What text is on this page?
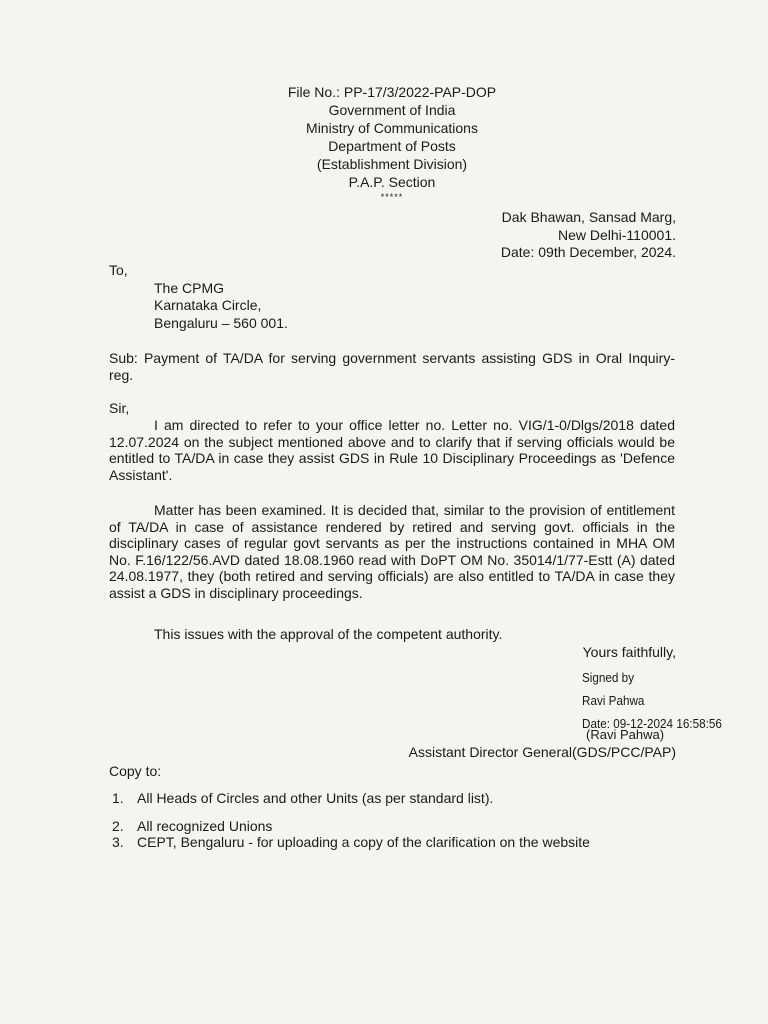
File No.: PP-17/3/2022-PAP-DOP
Government of India
Ministry of Communications
Department of Posts
(Establishment Division)
P.A.P. Section
*****
Dak Bhawan, Sansad Marg,
New Delhi-110001.
Date: 09th December, 2024.
To,
The CPMG
Karnataka Circle,
Bengaluru – 560 001.
Sub: Payment of TA/DA for serving government servants assisting GDS in Oral Inquiry- reg.
Sir,
I am directed to refer to your office letter no. Letter no. VIG/1-0/Dlgs/2018 dated 12.07.2024 on the subject mentioned above and to clarify that if serving officials would be entitled to TA/DA in case they assist GDS in Rule 10 Disciplinary Proceedings as 'Defence Assistant'.
Matter has been examined. It is decided that, similar to the provision of entitlement of TA/DA in case of assistance rendered by retired and serving govt. officials in the disciplinary cases of regular govt servants as per the instructions contained in MHA OM No. F.16/122/56.AVD dated 18.08.1960 read with DoPT OM No. 35014/1/77-Estt (A) dated 24.08.1977, they (both retired and serving officials) are also entitled to TA/DA in case they assist a GDS in disciplinary proceedings.
This issues with the approval of the competent authority.
Yours faithfully,
Signed by
Ravi Pahwa
Date: 09-12-2024 16:58:56
(Ravi Pahwa)
Assistant Director General(GDS/PCC/PAP)
Copy to:
1. All Heads of Circles and other Units (as per standard list).
2. All recognized Unions
3. CEPT, Bengaluru - for uploading a copy of the clarification on the website
